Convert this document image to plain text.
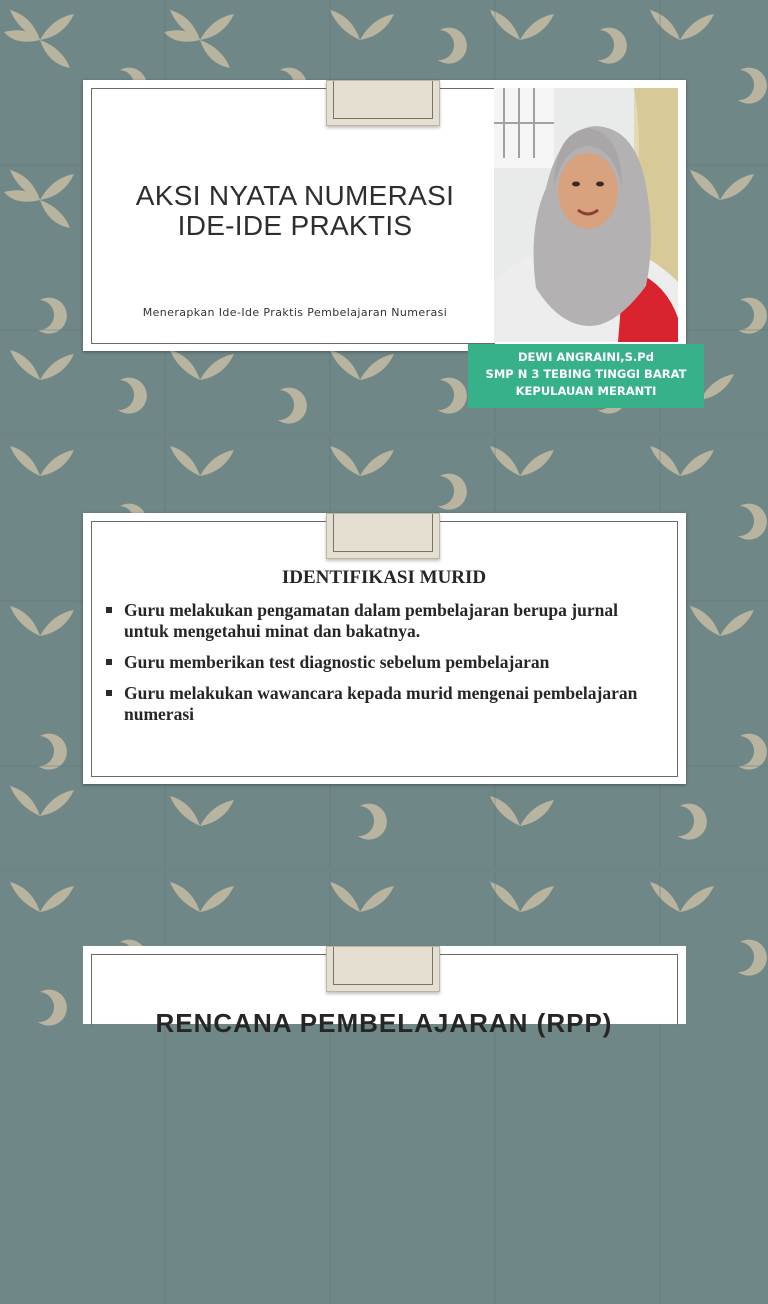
AKSI NYATA NUMERASI
IDE-IDE PRAKTIS
Menerapkan Ide-Ide Praktis Pembelajaran Numerasi
DEWI ANGRAINI,S.Pd
SMP N 3 TEBING TINGGI BARAT
KEPULAUAN MERANTI
IDENTIFIKASI MURID
Guru melakukan pengamatan dalam pembelajaran berupa jurnal
untuk mengetahui minat dan bakatnya.
Guru memberikan test diagnostic sebelum pembelajaran
Guru melakukan wawancara kepada murid mengenai pembelajaran
numerasi
RENCANA PEMBELAJARAN (RPP)
